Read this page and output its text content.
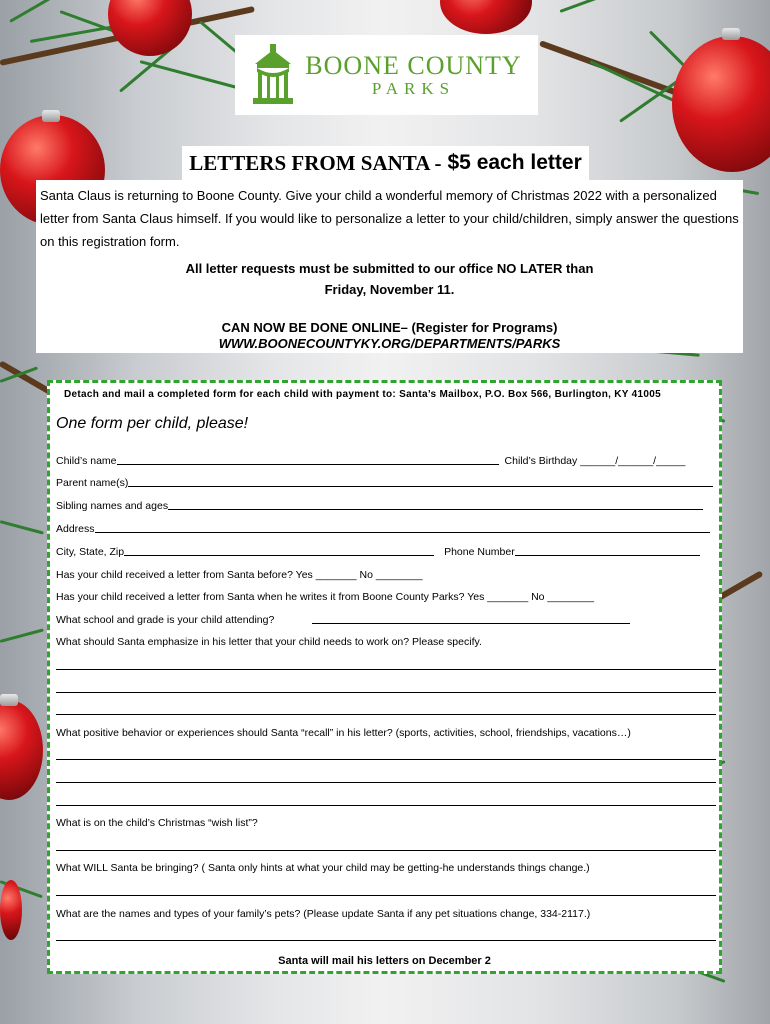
BOONE COUNTY
PARKS
LETTERS FROM SANTA - $5 each letter

Santa Claus is returning to Boone County. Give your child a wonderful memory of Christmas 2022 with a personalized letter from Santa Claus himself. If you would like to personalize a letter to your child/children, simply answer the questions on this registration form.

All letter requests must be submitted to our office NO LATER than
Friday, November 11.
CAN NOW BE DONE ONLINE– (Register for Programs)
WWW.BOONECOUNTYKY.ORG/DEPARTMENTS/PARKS
Detach and mail a completed form for each child with payment to: Santa’s Mailbox, P.O. Box 566, Burlington, KY 41005
One form per child, please!
Child’s name	Child’s Birthday ______/______/_____
Parent name(s)
Sibling names and ages
Address
City, State, Zip	Phone Number
Has your child received a letter from Santa before? Yes _______ No ________
Has your child received a letter from Santa when he writes it from Boone County Parks? Yes _______ No ________
What school and grade is your child attending?
What should Santa emphasize in his letter that your child needs to work on? Please specify.
What positive behavior or experiences should Santa “recall” in his letter? (sports, activities, school, friendships, vacations…)
What is on the child’s Christmas “wish list”?
What WILL Santa be bringing? ( Santa only hints at what your child may be getting-he understands things change.)
What are the names and types of your family’s pets? (Please update Santa if any pet situations change, 334-2117.)
Santa will mail his letters on December 2
